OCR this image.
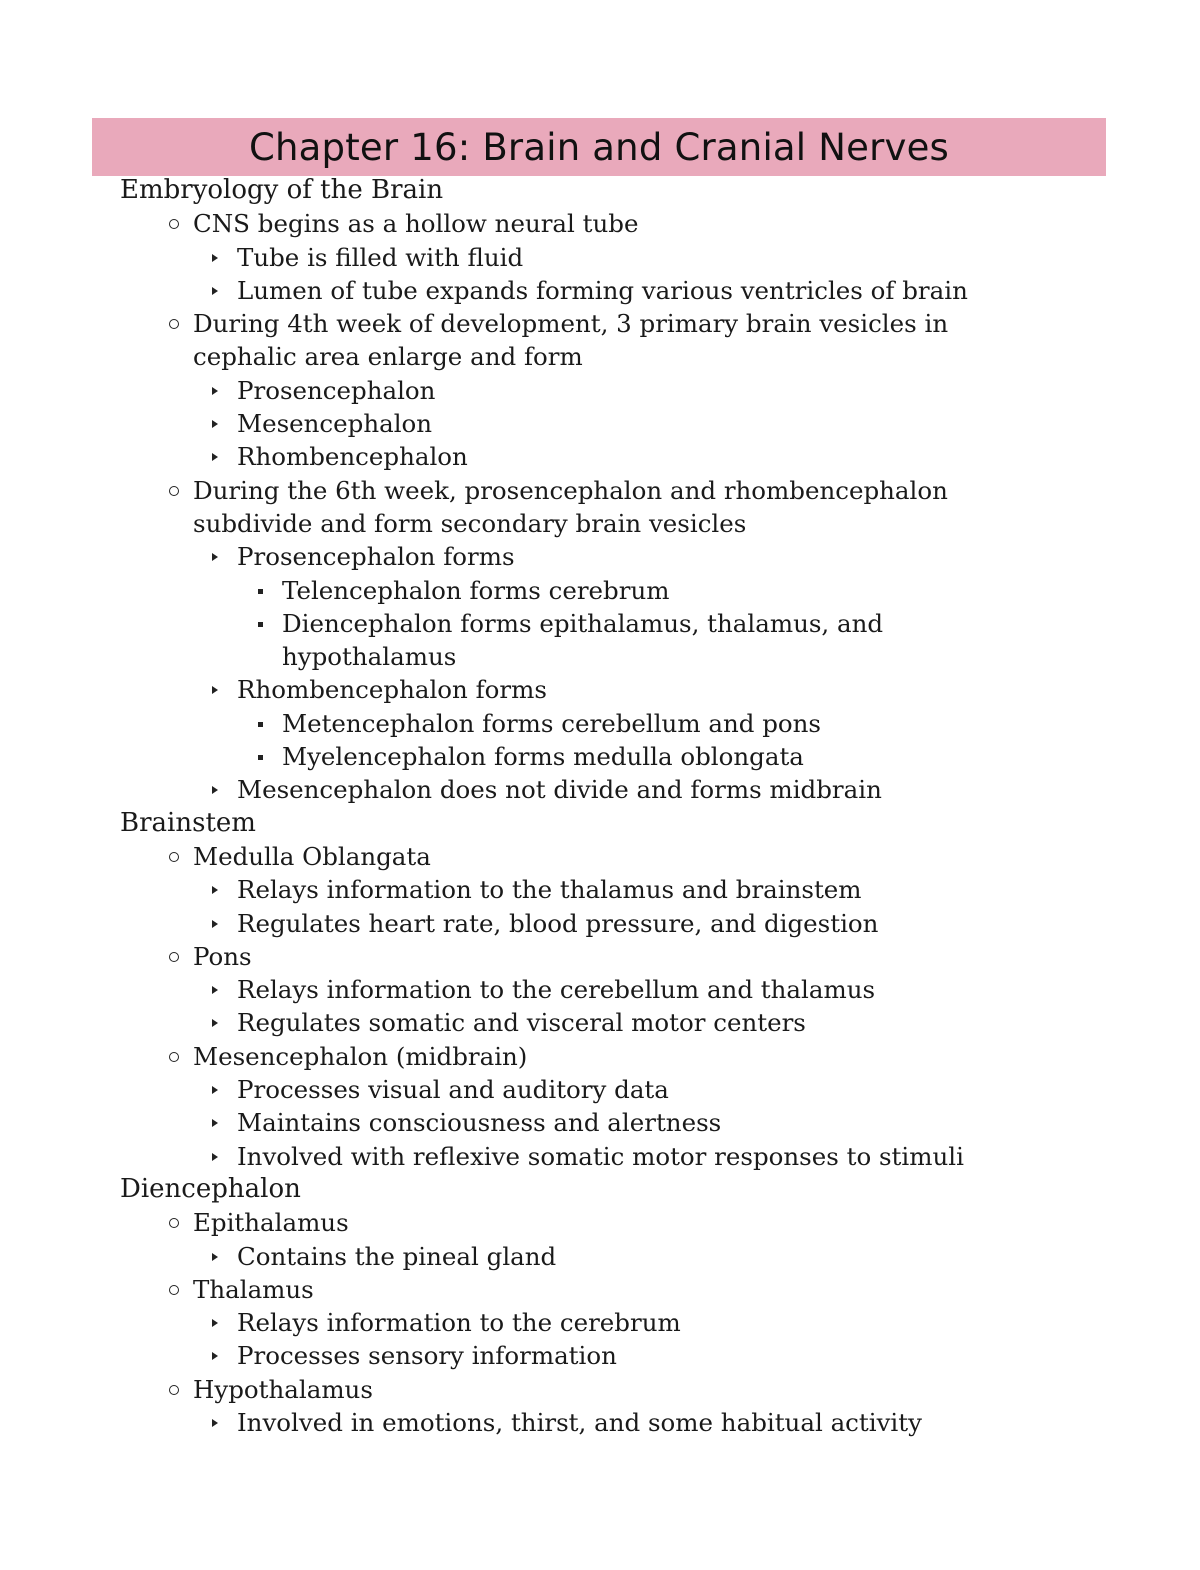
Chapter 16: Brain and Cranial Nerves
Embryology of the Brain
CNS begins as a hollow neural tube
Tube is filled with fluid
Lumen of tube expands forming various ventricles of brain
During 4th week of development, 3 primary brain vesicles in cephalic area enlarge and form
Prosencephalon
Mesencephalon
Rhombencephalon
During the 6th week, prosencephalon and rhombencephalon subdivide and form secondary brain vesicles
Prosencephalon forms
Telencephalon forms cerebrum
Diencephalon forms epithalamus, thalamus, and hypothalamus
Rhombencephalon forms
Metencephalon forms cerebellum and pons
Myelencephalon forms medulla oblongata
Mesencephalon does not divide and forms midbrain
Brainstem
Medulla Oblangata
Relays information to the thalamus and brainstem
Regulates heart rate, blood pressure, and digestion
Pons
Relays information to the cerebellum and thalamus
Regulates somatic and visceral motor centers
Mesencephalon (midbrain)
Processes visual and auditory data
Maintains consciousness and alertness
Involved with reflexive somatic motor responses to stimuli
Diencephalon
Epithalamus
Contains the pineal gland
Thalamus
Relays information to the cerebrum
Processes sensory information
Hypothalamus
Involved in emotions, thirst, and some habitual activity
